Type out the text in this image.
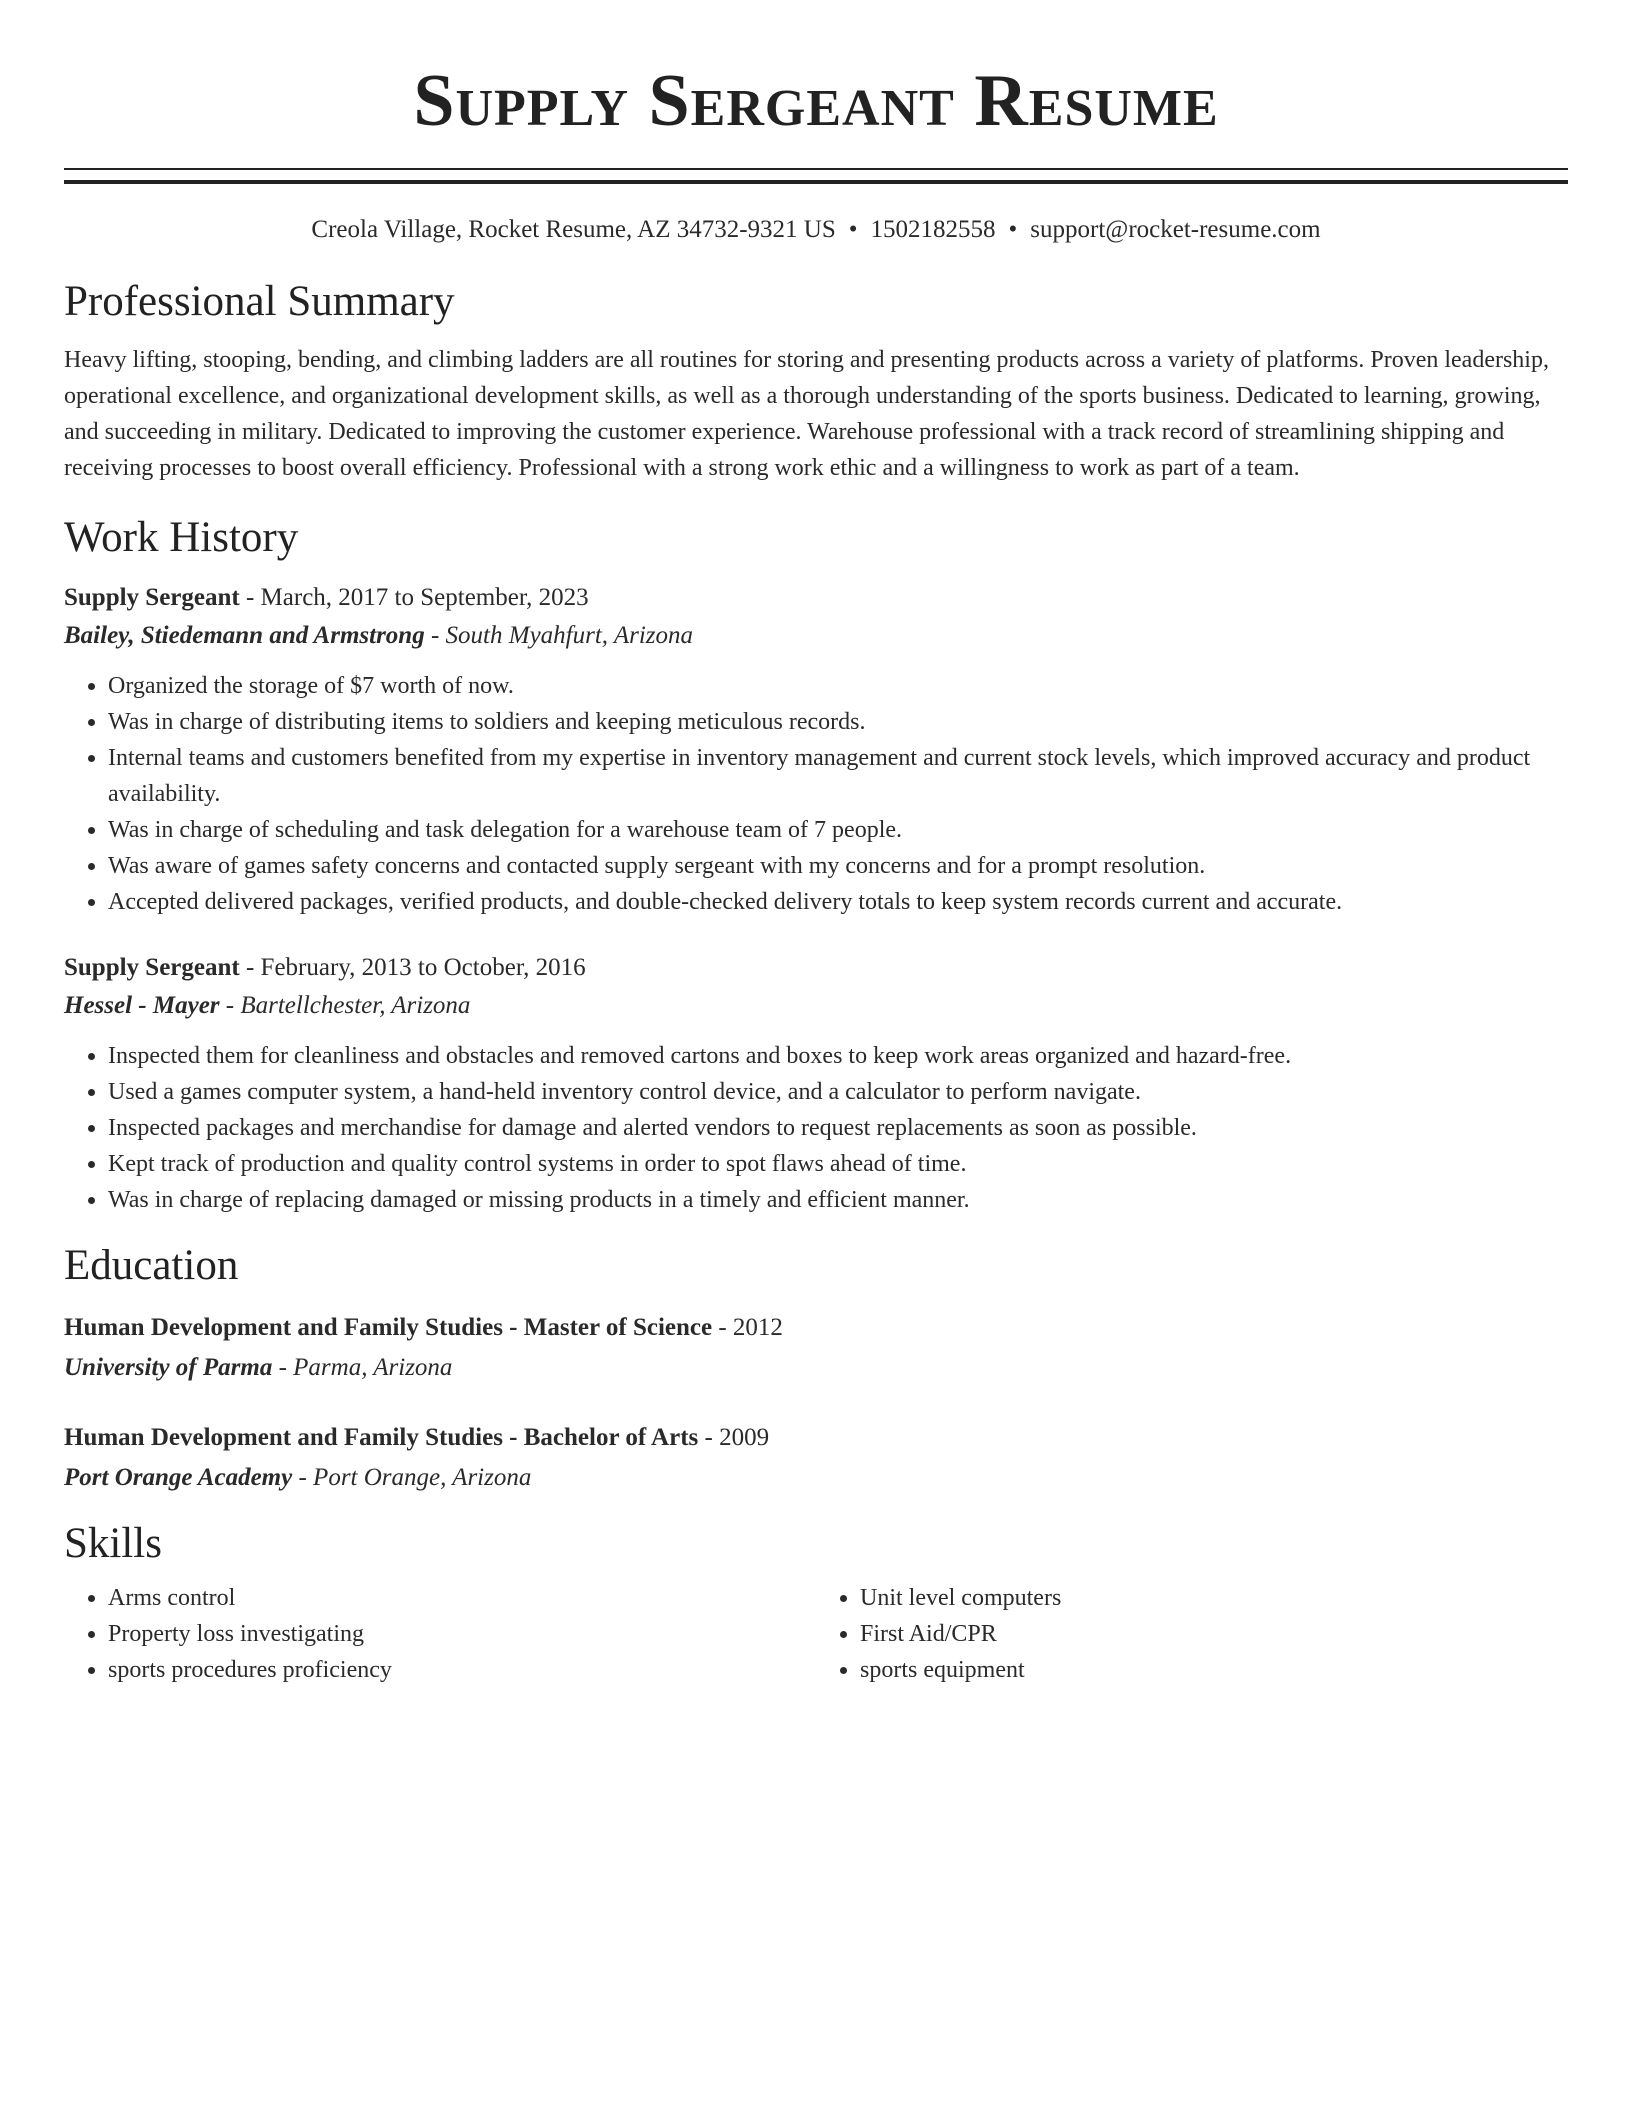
Supply Sergeant Resume
Creola Village, Rocket Resume, AZ 34732-9321 US • 1502182558 • support@rocket-resume.com
Professional Summary
Heavy lifting, stooping, bending, and climbing ladders are all routines for storing and presenting products across a variety of platforms. Proven leadership, operational excellence, and organizational development skills, as well as a thorough understanding of the sports business. Dedicated to learning, growing, and succeeding in military. Dedicated to improving the customer experience. Warehouse professional with a track record of streamlining shipping and receiving processes to boost overall efficiency. Professional with a strong work ethic and a willingness to work as part of a team.
Work History
Supply Sergeant - March, 2017 to September, 2023
Bailey, Stiedemann and Armstrong - South Myahfurt, Arizona
• Organized the storage of $7 worth of now.
• Was in charge of distributing items to soldiers and keeping meticulous records.
• Internal teams and customers benefited from my expertise in inventory management and current stock levels, which improved accuracy and product availability.
• Was in charge of scheduling and task delegation for a warehouse team of 7 people.
• Was aware of games safety concerns and contacted supply sergeant with my concerns and for a prompt resolution.
• Accepted delivered packages, verified products, and double-checked delivery totals to keep system records current and accurate.
Supply Sergeant - February, 2013 to October, 2016
Hessel - Mayer - Bartellchester, Arizona
• Inspected them for cleanliness and obstacles and removed cartons and boxes to keep work areas organized and hazard-free.
• Used a games computer system, a hand-held inventory control device, and a calculator to perform navigate.
• Inspected packages and merchandise for damage and alerted vendors to request replacements as soon as possible.
• Kept track of production and quality control systems in order to spot flaws ahead of time.
• Was in charge of replacing damaged or missing products in a timely and efficient manner.
Education
Human Development and Family Studies - Master of Science - 2012
University of Parma - Parma, Arizona
Human Development and Family Studies - Bachelor of Arts - 2009
Port Orange Academy - Port Orange, Arizona
Skills
• Arms control
• Property loss investigating
• sports procedures proficiency
• Unit level computers
• First Aid/CPR
• sports equipment
